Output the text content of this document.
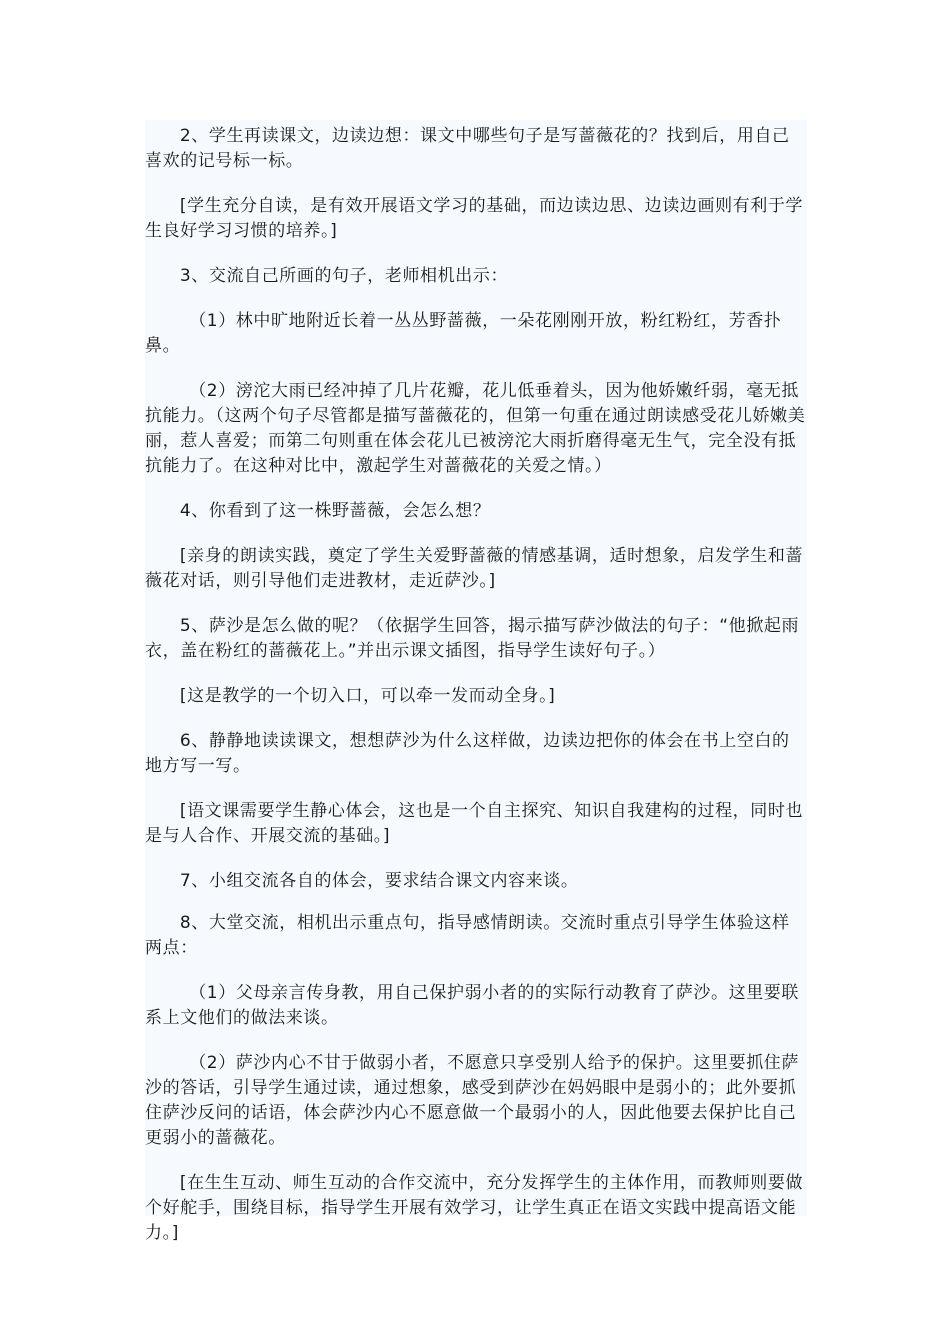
2、学生再读课文，边读边想：课文中哪些句子是写蔷薇花的？找到后，用自己喜欢的记号标一标。

[学生充分自读，是有效开展语文学习的基础，而边读边思、边读边画则有利于学生良好学习习惯的培养。]

3、交流自己所画的句子，老师相机出示：

（1）林中旷地附近长着一丛丛野蔷薇，一朵花刚刚开放，粉红粉红，芳香扑鼻。

（2）滂沱大雨已经冲掉了几片花瓣，花儿低垂着头，因为他娇嫩纤弱，毫无抵抗能力。（这两个句子尽管都是描写蔷薇花的，但第一句重在通过朗读感受花儿娇嫩美丽，惹人喜爱；而第二句则重在体会花儿已被滂沱大雨折磨得毫无生气，完全没有抵抗能力了。在这种对比中，激起学生对蔷薇花的关爱之情。）

4、你看到了这一株野蔷薇，会怎么想？

[亲身的朗读实践，奠定了学生关爱野蔷薇的情感基调，适时想象，启发学生和蔷薇花对话，则引导他们走进教材，走近萨沙。]

5、萨沙是怎么做的呢？（依据学生回答，揭示描写萨沙做法的句子：“他掀起雨衣，盖在粉红的蔷薇花上。”并出示课文插图，指导学生读好句子。）

[这是教学的一个切入口，可以牵一发而动全身。]

6、静静地读读课文，想想萨沙为什么这样做，边读边把你的体会在书上空白的地方写一写。

[语文课需要学生静心体会，这也是一个自主探究、知识自我建构的过程，同时也是与人合作、开展交流的基础。]

7、小组交流各自的体会，要求结合课文内容来谈。

8、大堂交流，相机出示重点句，指导感情朗读。交流时重点引导学生体验这样两点：

（1）父母亲言传身教，用自己保护弱小者的的实际行动教育了萨沙。这里要联系上文他们的做法来谈。

（2）萨沙内心不甘于做弱小者，不愿意只享受别人给予的保护。这里要抓住萨沙的答话，引导学生通过读，通过想象，感受到萨沙在妈妈眼中是弱小的；此外要抓住萨沙反问的话语，体会萨沙内心不愿意做一个最弱小的人，因此他要去保护比自己更弱小的蔷薇花。

[在生生互动、师生互动的合作交流中，充分发挥学生的主体作用，而教师则要做个好舵手，围绕目标，指导学生开展有效学习，让学生真正在语文实践中提高语文能力。]
